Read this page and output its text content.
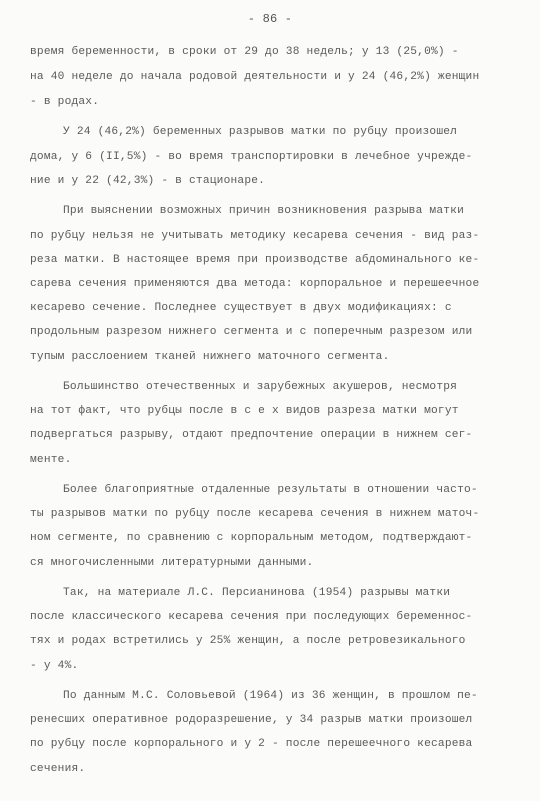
- 86 -
время беременности, в сроки от 29 до 38 недель; у 13 (25,0%) -
на 40 неделе до начала родовой деятельности и у 24 (46,2%) женщин
- в родах.
У 24 (46,2%) беременных разрывов матки по рубцу произошел
дома, у 6 (II,5%) - во время транспортировки в лечебное учрежде-
ние и у 22 (42,3%) - в стационаре.
При выяснении возможных причин возникновения разрыва матки
по рубцу нельзя не учитывать методику кесарева сечения - вид раз-
реза матки. В настоящее время при производстве абдоминального ке-
сарева сечения применяются два метода: корпоральное и перешеечное
кесарево сечение. Последнее существует в двух модификациях: с
продольным разрезом нижнего сегмента и с поперечным разрезом или
тупым расслоением тканей нижнего маточного сегмента.
Большинство отечественных и зарубежных акушеров, несмотря
на тот факт, что рубцы после в с е х видов разреза матки могут
подвергаться разрыву, отдают предпочтение операции в нижнем сег-
менте.
Более благоприятные отдаленные результаты в отношении часто-
ты разрывов матки по рубцу после кесарева сечения в нижнем маточ-
ном сегменте, по сравнению с корпоральным методом, подтверждают-
ся многочисленными литературными данными.
Так, на материале Л.С. Персианинова (1954) разрывы матки
после классического кесарева сечения при последующих беременнос-
тях и родах встретились у 25% женщин, а после ретровезикального
- у 4%.
По данным М.С. Соловьевой (1964) из 36 женщин, в прошлом пе-
ренесших оперативное родоразрешение, у 34 разрыв матки произошел
по рубцу после корпорального и у 2 - после перешеечного кесарева
сечения.
